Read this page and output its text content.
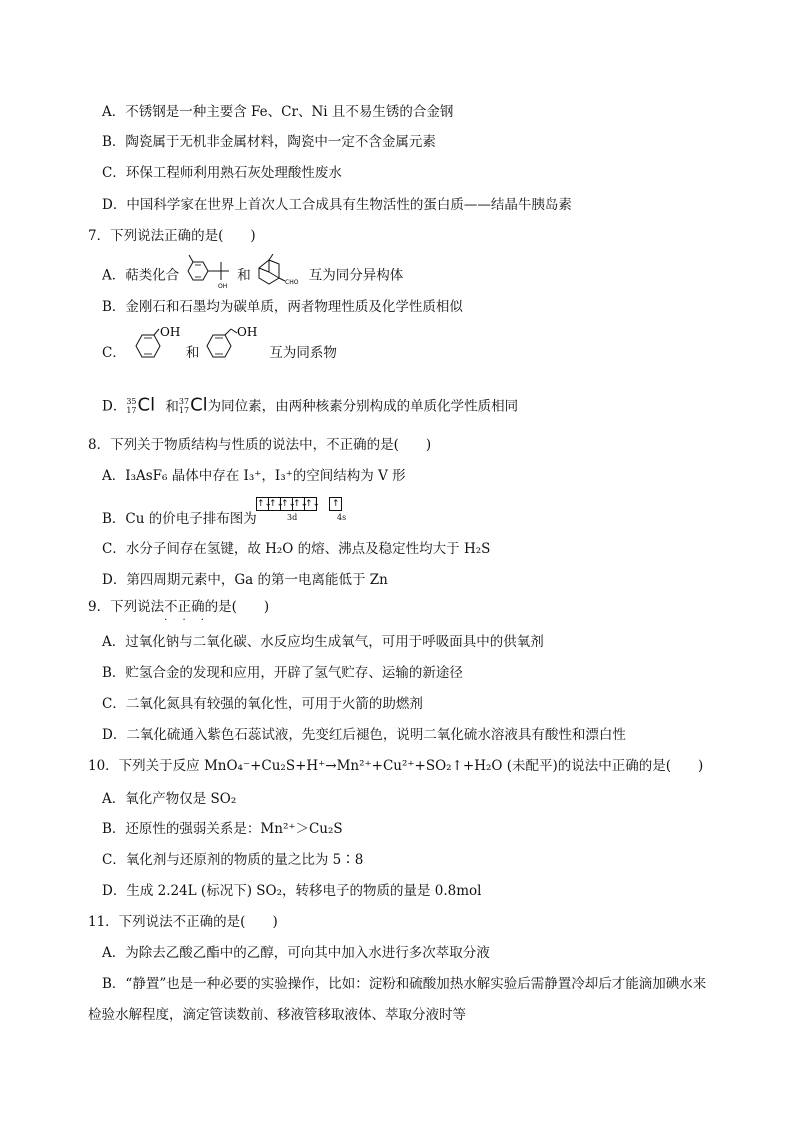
A．不锈钢是一种主要含 Fe、Cr、Ni 且不易生锈的合金钢
B．陶瓷属于无机非金属材料，陶瓷中一定不含金属元素
C．环保工程师利用熟石灰处理酸性废水
D．中国科学家在世界上首次人工合成具有生物活性的蛋白质——结晶牛胰岛素
7．下列说法正确的是(　　)
A．萜类化合
OH
和	CHO 互为同分异构体
B．金刚石和石墨均为碳单质，两者物理性质及化学性质相似
C．
OH
和
OH
互为同系物
D．35
17Cl 和37
17Cl为同位素，由两种核素分别构成的单质化学性质相同
8．下列关于物质结构与性质的说法中，不正确的是(　　)
A．I₃AsF₆ 晶体中存在 I₃⁺，I₃⁺的空间结构为 V 形
B．Cu 的价电子排布图为
↑↓↑↓↑↓↑↓↑↓ ↑
3d	4s
C．水分子间存在氢键，故 H₂O 的熔、沸点及稳定性均大于 H₂S
D．第四周期元素中，Ga 的第一电离能低于 Zn
9．下列说法不正确
· · ·
的是(　　)
A．过氧化钠与二氧化碳、水反应均生成氧气，可用于呼吸面具中的供氧剂
B．贮氢合金的发现和应用，开辟了氢气贮存、运输的新途径
C．二氧化氮具有较强的氧化性，可用于火箭的助燃剂
D．二氧化硫通入紫色石蕊试液，先变红后褪色，说明二氧化硫水溶液具有酸性和漂白性
10．下列关于反应 MnO₄⁻+Cu₂S+H⁺→Mn²⁺+Cu²⁺+SO₂↑+H₂O (未配平)的说法中正确的是(　　)
A．氧化产物仅是 SO₂
B．还原性的强弱关系是：Mn²⁺＞Cu₂S
C．氧化剂与还原剂的物质的量之比为 5∶8
D．生成 2.24L (标况下) SO₂，转移电子的物质的量是 0.8mol
11．下列说法不正确的是(　　)
A．为除去乙酸乙酯中的乙醇，可向其中加入水进行多次萃取分液
B．“静置”也是一种必要的实验操作，比如：淀粉和硫酸加热水解实验后需静置冷却后才能滴加碘水来
检验水解程度，滴定管读数前、移液管移取液体、萃取分液时等
